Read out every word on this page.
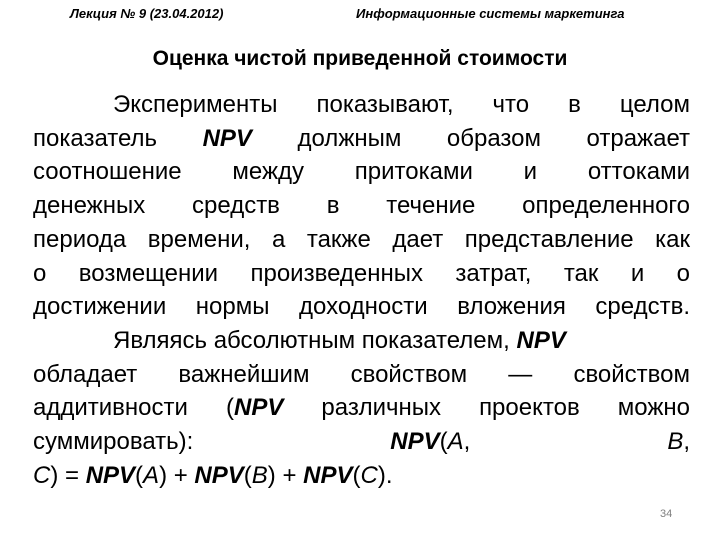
Лекция № 9 (23.04.2012)	Информационные системы маркетинга
Оценка чистой приведенной стоимости
Эксперименты показывают, что в целом
показатель NPV должным образом отражает
соотношение между притоками и оттоками
денежных средств в течение определенного
периода времени, а также дает представление как
о возмещении произведенных затрат, так и о
достижении нормы доходности вложения средств.
Являясь абсолютным показателем, NPV
обладает важнейшим свойством — свойством
аддитивности (NPV различных проектов можно
суммировать): NPV(A,	B,
C) = NPV(A) + NPV(B) + NPV(C).
34
